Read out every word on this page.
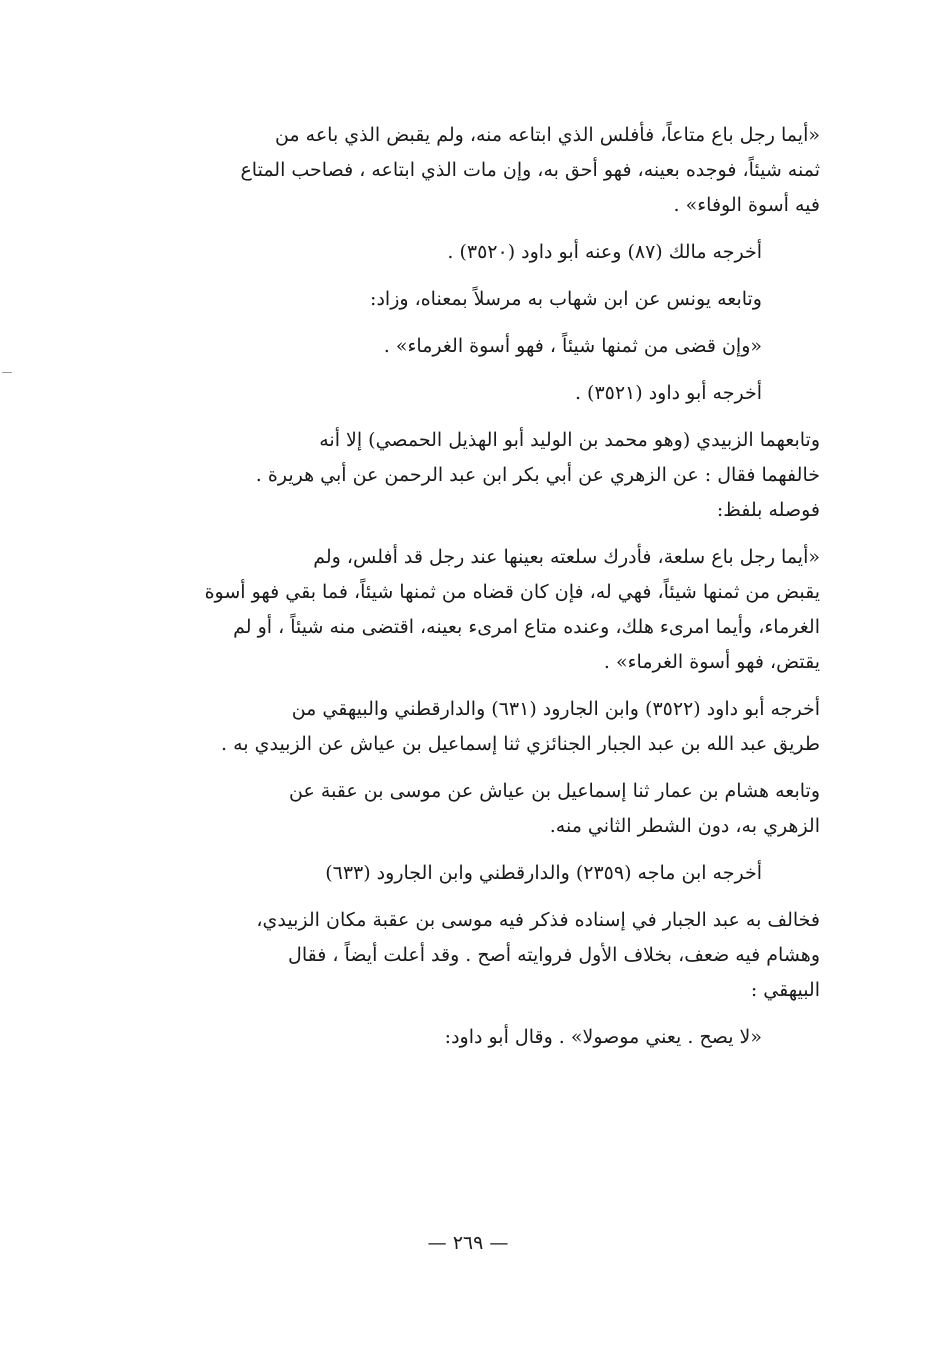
«أيما رجل باع متاعاً، فأفلس الذي ابتاعه منه، ولم يقبض الذي باعه من
ثمنه شيئاً، فوجده بعينه، فهو أحق به، وإن مات الذي ابتاعه ، فصاحب المتاع
فيه أسوة الوفاء» .

أخرجه مالك (٨٧) وعنه أبو داود (٣٥٢٠) .

وتابعه يونس عن ابن شهاب به مرسلاً بمعناه، وزاد:

«وإن قضى من ثمنها شيئاً ، فهو أسوة الغرماء» .

أخرجه أبو داود (٣٥٢١) .

وتابعهما الزبيدي (وهو محمد بن الوليد أبو الهذيل الحمصي) إلا أنه
خالفهما فقال : عن الزهري عن أبي بكر ابن عبد الرحمن عن أبي هريرة .
فوصله بلفظ:

«أيما رجل باع سلعة، فأدرك سلعته بعينها عند رجل قد أفلس، ولم
يقبض من ثمنها شيئاً، فهي له، فإن كان قضاه من ثمنها شيئاً، فما بقي فهو أسوة
الغرماء، وأيما امرىء هلك، وعنده متاع امرىء بعينه، اقتضى منه شيئاً ، أو لم
يقتض، فهو أسوة الغرماء» .

أخرجه أبو داود (٣٥٢٢) وابن الجارود (٦٣١) والدارقطني والبيهقي من
طريق عبد الله بن عبد الجبار الجنائزي ثنا إسماعيل بن عياش عن الزبيدي به .

وتابعه هشام بن عمار ثنا إسماعيل بن عياش عن موسى بن عقبة عن
الزهري به، دون الشطر الثاني منه.

أخرجه ابن ماجه (٢٣٥٩) والدارقطني وابن الجارود (٦٣٣)

فخالف به عبد الجبار في إسناده فذكر فيه موسى بن عقبة مكان الزبيدي،
وهشام فيه ضعف، بخلاف الأول فروايته أصح . وقد أعلت أيضاً ، فقال
البيهقي :

«لا يصح . يعني موصولا» . وقال أبو داود:

— ٢٦٩ —
